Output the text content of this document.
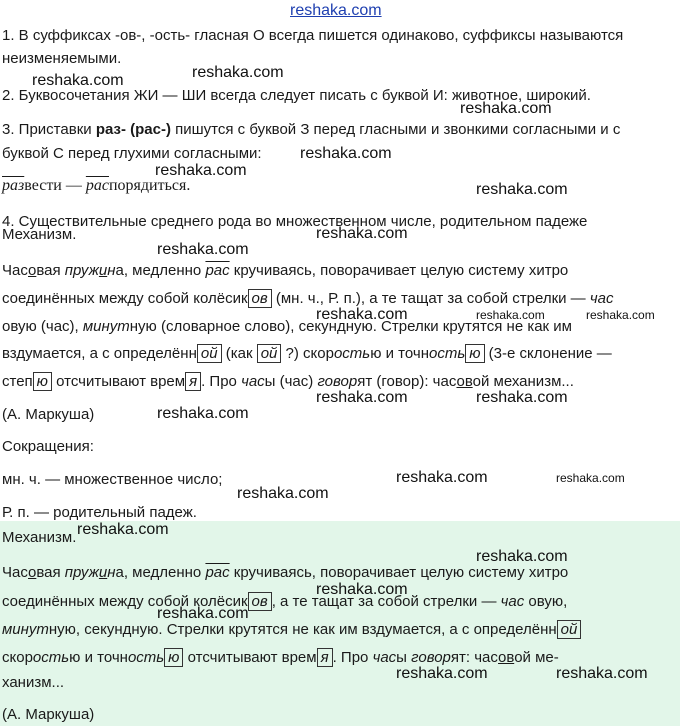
1. В суффиксах -ов-, -ость- гласная О всегда пишется одинаково, суффиксы называются
неизменяемыми.
2. Буквосочетания ЖИ — ШИ всегда следует писать с буквой И: животное, широкий.
3. Приставки раз- (рас-) пишутся с буквой З перед гласными и звонкими согласными и с
буквой С перед глухими согласными:
развести — распорядиться.
4. Существительные среднего рода во множественном числе, родительном падеже
Механизм.
Часовая пружина, медленно рас кручиваясь, поворачивает целую систему хитро
соединённых между собой колёсик ов (мн. ч., Р. п.), а те тащат за собой стрелки — час
овую (час), минутную (словарное слово), секундную. Стрелки крутятся не как им
вздумается, а с определённ ой (как ой ?) скоростью и точность ю (3-е склонение —
степ ю отсчитывают врем я . Про часы (час) говорят (говор): часовой механизм...
(А. Маркуша)
Сокращения:
мн. ч. — множественное число;
Р. п. — родительный падеж.
Механизм.
Часовая пружина, медленно рас кручиваясь, поворачивает целую систему хитро
соединённых между собой колёсик ов , а те тащат за собой стрелки — час овую,
минутную, секундную. Стрелки крутятся не как им вздумается, а с определённ ой
скоростью и точность ю отсчитывают врем я . Про часы говорят: часовой ме-
ханизм...
(А. Маркуша)
reshaka.com
reshaka.com	reshaka.com
reshaka.com
reshaka.com
reshaka.com
reshaka.com
reshaka.com
reshaka.com
reshaka.com	reshaka.com
reshaka.com
reshaka.com	reshaka.com
reshaka.com
reshaka.com	reshaka.com
reshaka.com
reshaka.com
reshaka.com
reshaka.com
reshaka.com
reshaka.com	reshaka.com
